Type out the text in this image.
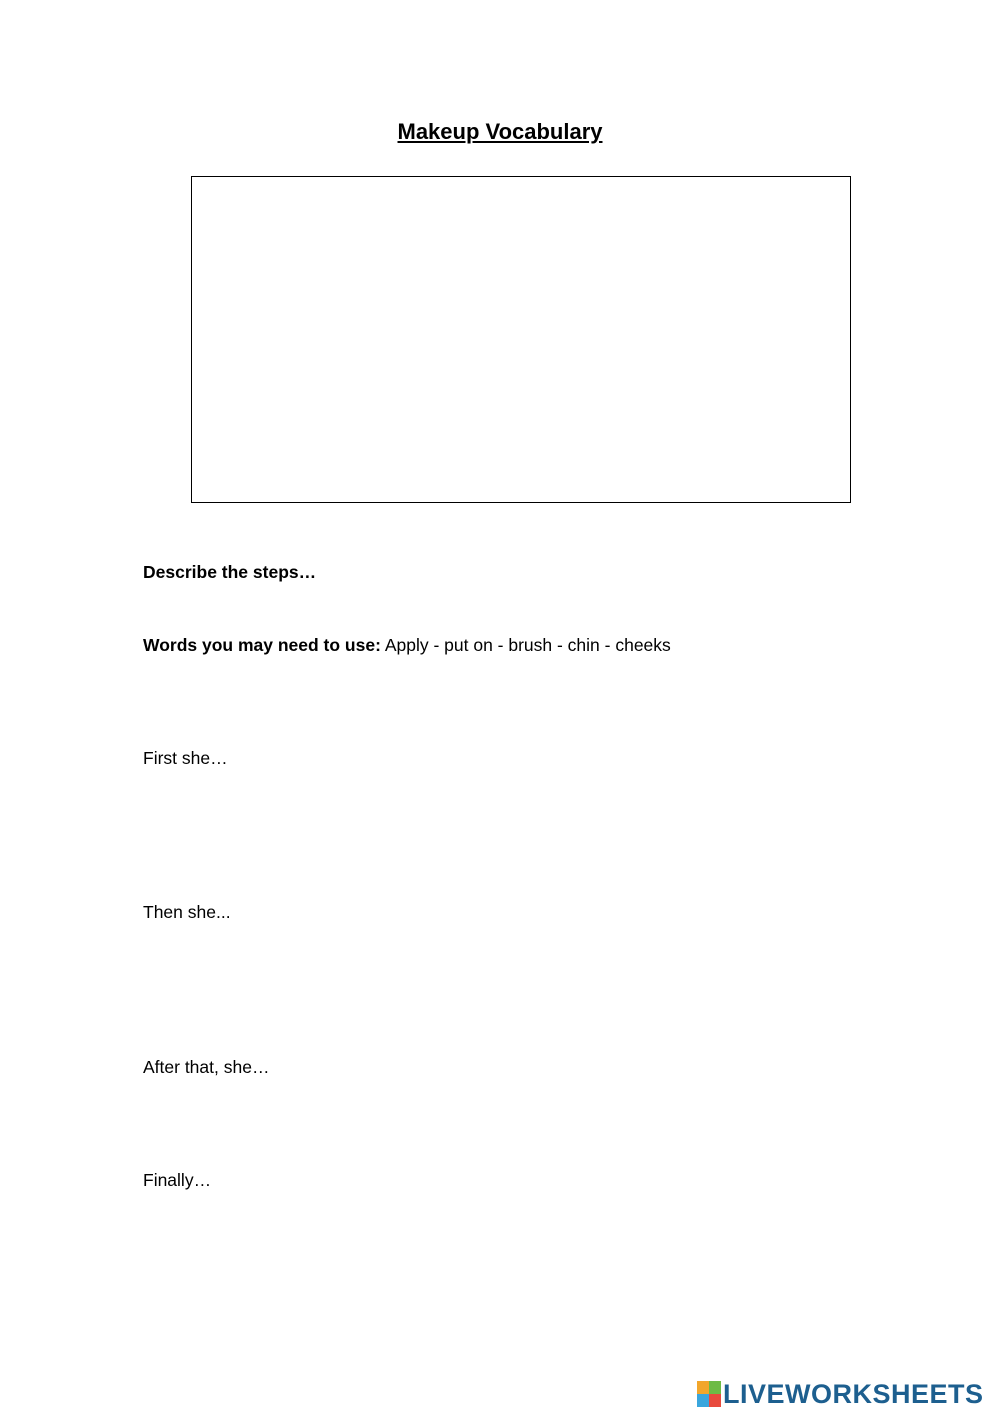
Makeup Vocabulary
Describe the steps…
Words you may need to use: Apply - put on - brush - chin - cheeks
First she…
Then she...
After that, she…
Finally…
LIVEWORKSHEETS
